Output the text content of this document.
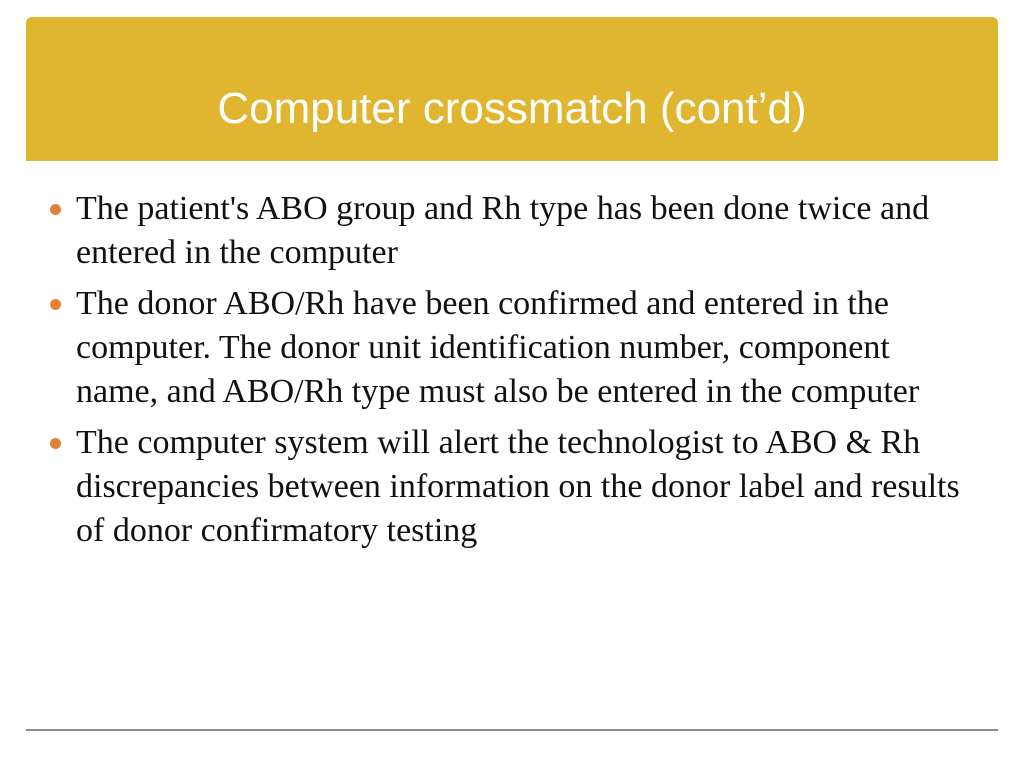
Computer crossmatch (cont’d)
The patient's ABO group and Rh type has been done twice and entered in the computer
The donor ABO/Rh have been confirmed and entered in the computer. The donor unit identification number, component name, and ABO/Rh type must also be entered in the computer
The computer system will alert the technologist to ABO & Rh discrepancies between information on the donor label and results of donor confirmatory testing
